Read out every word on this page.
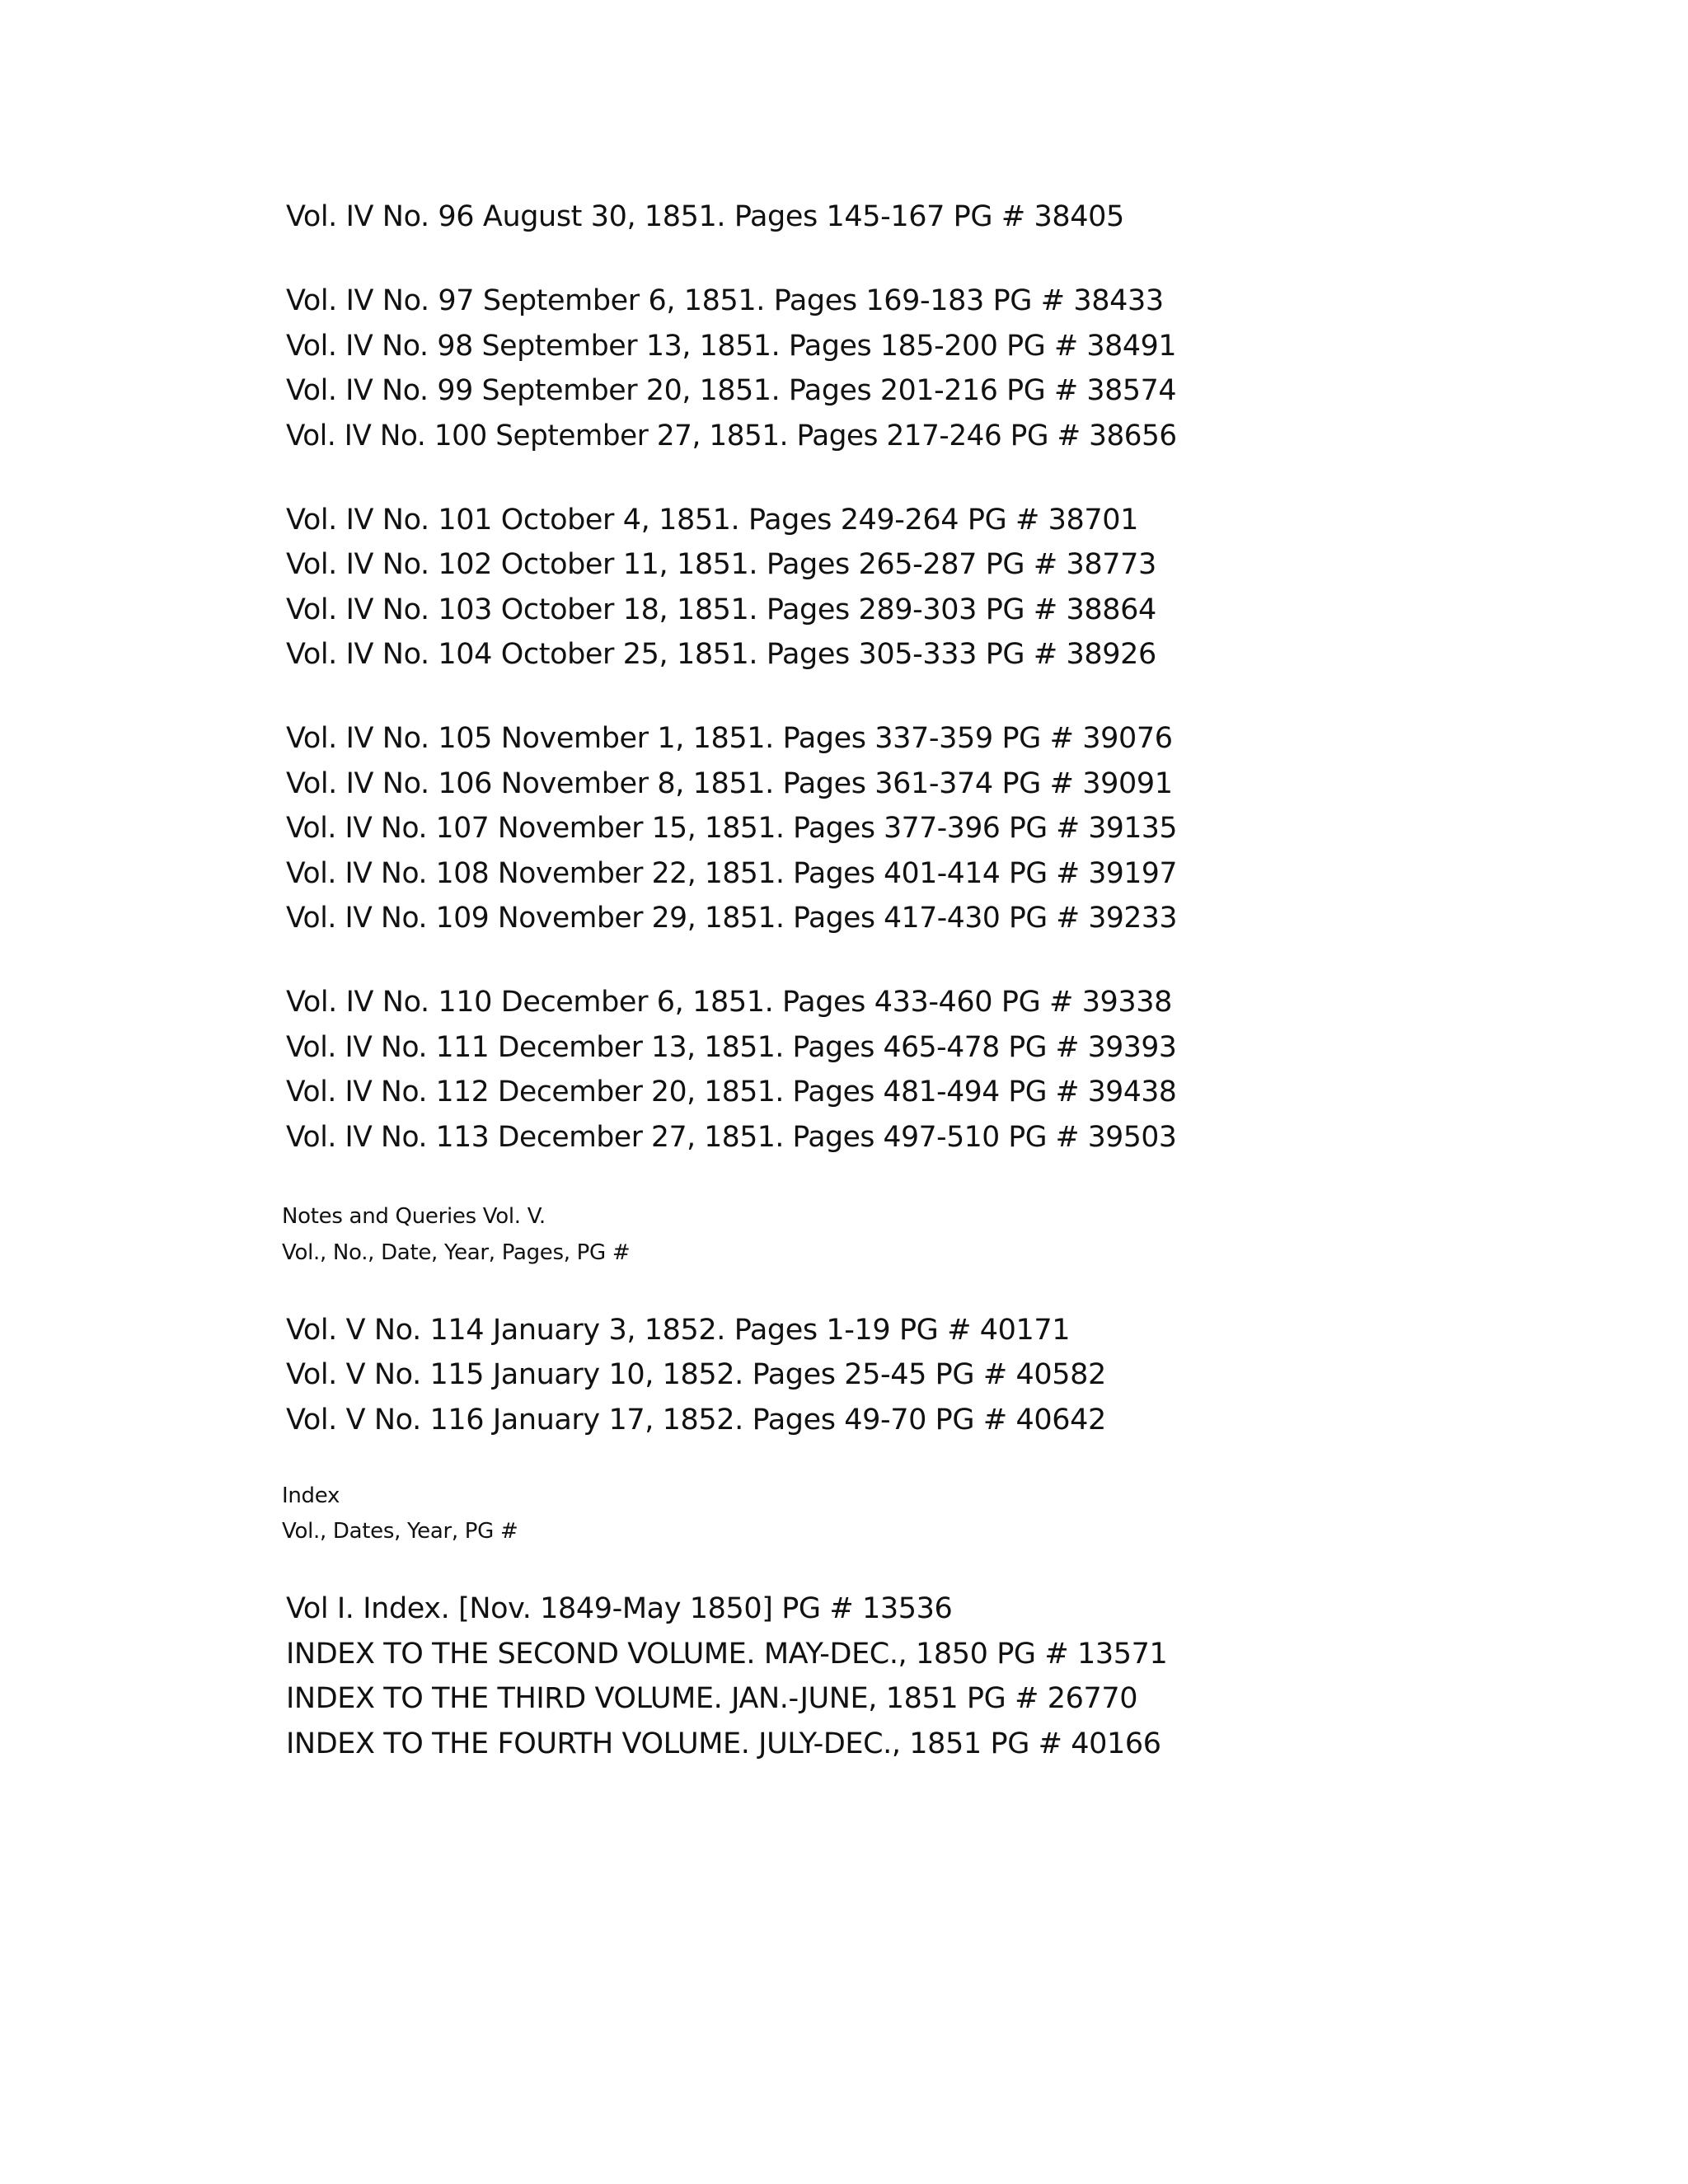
Vol. IV No. 96 August 30, 1851. Pages 145-167 PG # 38405
Vol. IV No. 97 September 6, 1851. Pages 169-183 PG # 38433
Vol. IV No. 98 September 13, 1851. Pages 185-200 PG # 38491
Vol. IV No. 99 September 20, 1851. Pages 201-216 PG # 38574
Vol. IV No. 100 September 27, 1851. Pages 217-246 PG # 38656
Vol. IV No. 101 October 4, 1851. Pages 249-264 PG # 38701
Vol. IV No. 102 October 11, 1851. Pages 265-287 PG # 38773
Vol. IV No. 103 October 18, 1851. Pages 289-303 PG # 38864
Vol. IV No. 104 October 25, 1851. Pages 305-333 PG # 38926
Vol. IV No. 105 November 1, 1851. Pages 337-359 PG # 39076
Vol. IV No. 106 November 8, 1851. Pages 361-374 PG # 39091
Vol. IV No. 107 November 15, 1851. Pages 377-396 PG # 39135
Vol. IV No. 108 November 22, 1851. Pages 401-414 PG # 39197
Vol. IV No. 109 November 29, 1851. Pages 417-430 PG # 39233
Vol. IV No. 110 December 6, 1851. Pages 433-460 PG # 39338
Vol. IV No. 111 December 13, 1851. Pages 465-478 PG # 39393
Vol. IV No. 112 December 20, 1851. Pages 481-494 PG # 39438
Vol. IV No. 113 December 27, 1851. Pages 497-510 PG # 39503
Notes and Queries Vol. V.
Vol., No., Date, Year, Pages, PG #
Vol. V No. 114 January 3, 1852. Pages 1-19 PG # 40171
Vol. V No. 115 January 10, 1852. Pages 25-45 PG # 40582
Vol. V No. 116 January 17, 1852. Pages 49-70 PG # 40642
Index
Vol., Dates, Year, PG #
Vol I. Index. [Nov. 1849-May 1850] PG # 13536
INDEX TO THE SECOND VOLUME. MAY-DEC., 1850 PG # 13571
INDEX TO THE THIRD VOLUME. JAN.-JUNE, 1851 PG # 26770
INDEX TO THE FOURTH VOLUME. JULY-DEC., 1851 PG # 40166
